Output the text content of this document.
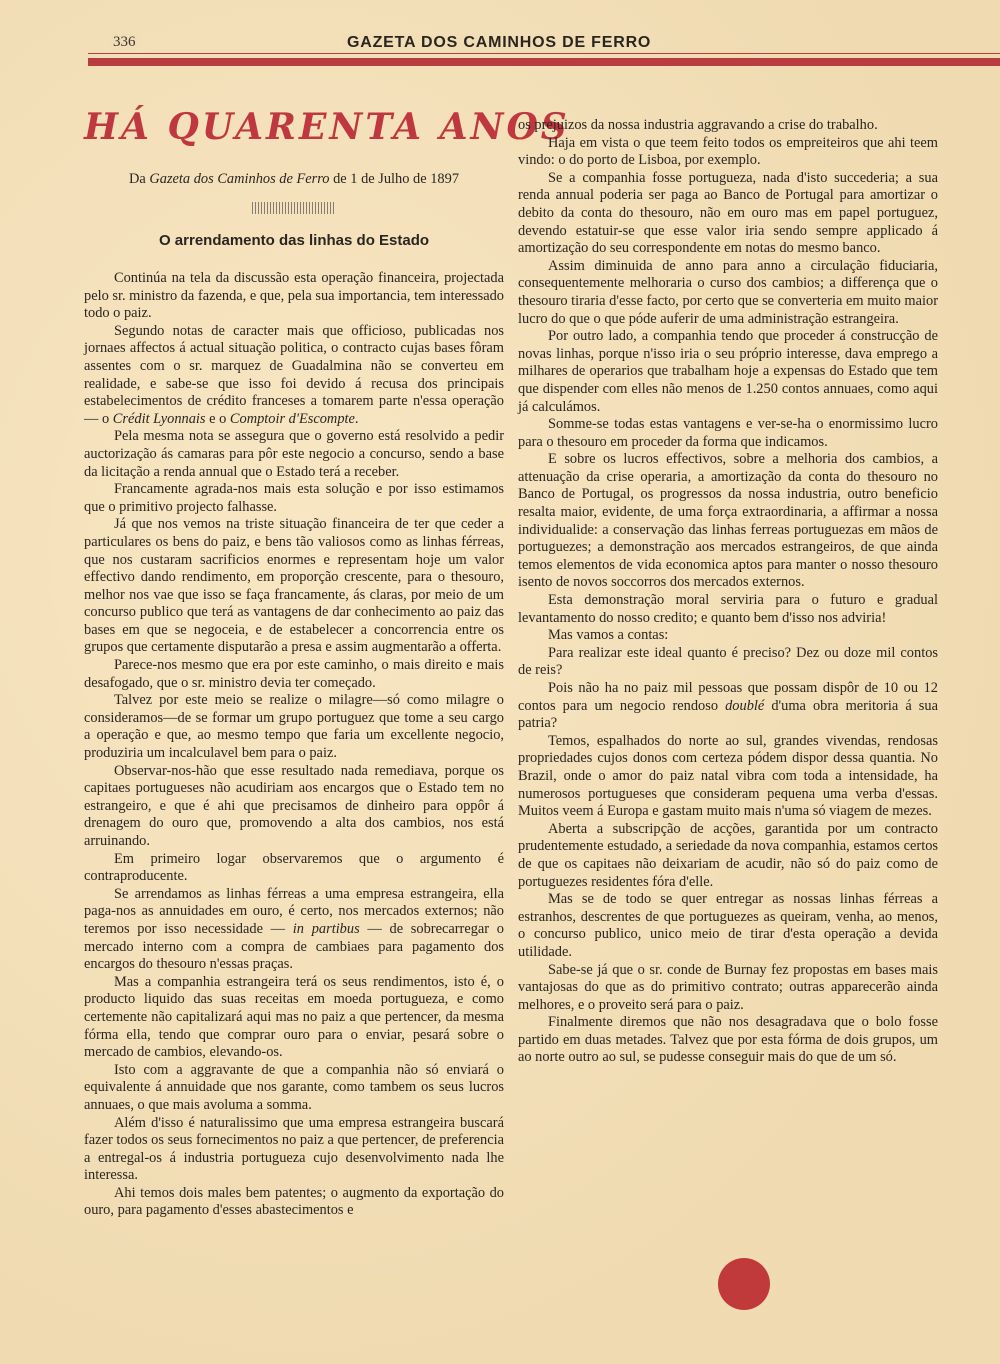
336	GAZETA DOS CAMINHOS DE FERRO
HÁ QUARENTA ANOS
Da Gazeta dos Caminhos de Ferro de 1 de Julho de 1897
O arrendamento das linhas do Estado

Continúa na tela da discussão esta operação financeira, projectada pelo sr. ministro da fazenda, e que, pela sua importancia, tem interessado todo o paiz.

Segundo notas de caracter mais que officioso, publicadas nos jornaes affectos á actual situação politica, o contracto cujas bases fôram assentes com o sr. marquez de Guadalmina não se converteu em realidade, e sabe-se que isso foi devido á recusa dos principais estabelecimentos de crédito franceses a tomarem parte n'essa operação — o Crédit Lyonnais e o Comptoir d'Escompte.

Pela mesma nota se assegura que o governo está resolvido a pedir auctorização ás camaras para pôr este negocio a concurso, sendo a base da licitação a renda annual que o Estado terá a receber.

Francamente agrada-nos mais esta solução e por isso estimamos que o primitivo projecto falhasse.

Já que nos vemos na triste situação financeira de ter que ceder a particulares os bens do paiz, e bens tão valiosos como as linhas férreas, que nos custaram sacrificios enormes e representam hoje um valor effectivo dando rendimento, em proporção crescente, para o thesouro, melhor nos vae que isso se faça francamente, ás claras, por meio de um concurso publico que terá as vantagens de dar conhecimento ao paiz das bases em que se negoceia, e de estabelecer a concorrencia entre os grupos que certamente disputarão a presa e assim augmentarão a offerta.

Parece-nos mesmo que era por este caminho, o mais direito e mais desafogado, que o sr. ministro devia ter começado.

Talvez por este meio se realize o milagre—só como milagre o consideramos—de se formar um grupo portuguez que tome a seu cargo a operação e que, ao mesmo tempo que faria um excellente negocio, produziria um incalculavel bem para o paiz.

Observar-nos-hão que esse resultado nada remediava, porque os capitaes portugueses não acudiriam aos encargos que o Estado tem no estrangeiro, e que é ahi que precisamos de dinheiro para oppôr á drenagem do ouro que, promovendo a alta dos cambios, nos está arruinando.

Em primeiro logar observaremos que o argumento é contraproducente.

Se arrendamos as linhas férreas a uma empresa estrangeira, ella paga-nos as annuidades em ouro, é certo, nos mercados externos; não teremos por isso necessidade — in partibus — de sobrecarregar o mercado interno com a compra de cambiaes para pagamento dos encargos do thesouro n'essas praças.

Mas a companhia estrangeira terá os seus rendimentos, isto é, o producto liquido das suas receitas em moeda portugueza, e como certemente não capitalizará aqui mas no paiz a que pertencer, da mesma fórma ella, tendo que comprar ouro para o enviar, pesará sobre o mercado de cambios, elevando-os.

Isto com a aggravante de que a companhia não só enviará o equivalente á annuidade que nos garante, como tambem os seus lucros annuaes, o que mais avoluma a somma.

Além d'isso é naturalissimo que uma empresa estrangeira buscará fazer todos os seus fornecimentos no paiz a que pertencer, de preferencia a entregal-os á industria portugueza cujo desenvolvimento nada lhe interessa.

Ahi temos dois males bem patentes; o augmento da exportação do ouro, para pagamento d'esses abastecimentos e

os prejuizos da nossa industria aggravando a crise do trabalho.

Haja em vista o que teem feito todos os empreiteiros que ahi teem vindo: o do porto de Lisboa, por exemplo.

Se a companhia fosse portugueza, nada d'isto succederia; a sua renda annual poderia ser paga ao Banco de Portugal para amortizar o debito da conta do thesouro, não em ouro mas em papel portuguez, devendo estatuir-se que esse valor iria sendo sempre applicado á amortização do seu correspondente em notas do mesmo banco.

Assim diminuida de anno para anno a circulação fiduciaria, consequentemente melhoraria o curso dos cambios; a differença que o thesouro tiraria d'esse facto, por certo que se converteria em muito maior lucro do que o que póde auferir de uma administração estrangeira.

Por outro lado, a companhia tendo que proceder á construcção de novas linhas, porque n'isso iria o seu próprio interesse, dava emprego a milhares de operarios que trabalham hoje a expensas do Estado que tem que dispender com elles não menos de 1.250 contos annuaes, como aqui já calculámos.

Somme-se todas estas vantagens e ver-se-ha o enormissimo lucro para o thesouro em proceder da forma que indicamos.

E sobre os lucros effectivos, sobre a melhoria dos cambios, a attenuação da crise operaria, a amortização da conta do thesouro no Banco de Portugal, os progressos da nossa industria, outro beneficio resalta maior, evidente, de uma força extraordinaria, a affirmar a nossa individualide: a conservação das linhas ferreas portuguezas em mãos de portuguezes; a demonstração aos mercados estrangeiros, de que ainda temos elementos de vida economica aptos para manter o nosso thesouro isento de novos soccorros dos mercados externos.

Esta demonstração moral serviria para o futuro e gradual levantamento do nosso credito; e quanto bem d'isso nos adviria!

Mas vamos a contas:

Para realizar este ideal quanto é preciso? Dez ou doze mil contos de reis?

Pois não ha no paiz mil pessoas que possam dispôr de 10 ou 12 contos para um negocio rendoso doublé d'uma obra meritoria á sua patria?

Temos, espalhados do norte ao sul, grandes vivendas, rendosas propriedades cujos donos com certeza pódem dispor dessa quantia. No Brazil, onde o amor do paiz natal vibra com toda a intensidade, ha numerosos portugueses que consideram pequena uma verba d'essas. Muitos veem á Europa e gastam muito mais n'uma só viagem de mezes.

Aberta a subscripção de acções, garantida por um contracto prudentemente estudado, a seriedade da nova companhia, estamos certos de que os capitaes não deixariam de acudir, não só do paiz como de portuguezes residentes fóra d'elle.

Mas se de todo se quer entregar as nossas linhas férreas a estranhos, descrentes de que portuguezes as queiram, venha, ao menos, o concurso publico, unico meio de tirar d'esta operação a devida utilidade.

Sabe-se já que o sr. conde de Burnay fez propostas em bases mais vantajosas do que as do primitivo contrato; outras apparecerão ainda melhores, e o proveito será para o paiz.

Finalmente diremos que não nos desagradava que o bolo fosse partido em duas metades. Talvez que por esta fórma de dois grupos, um ao norte outro ao sul, se pudesse conseguir mais do que de um só.
